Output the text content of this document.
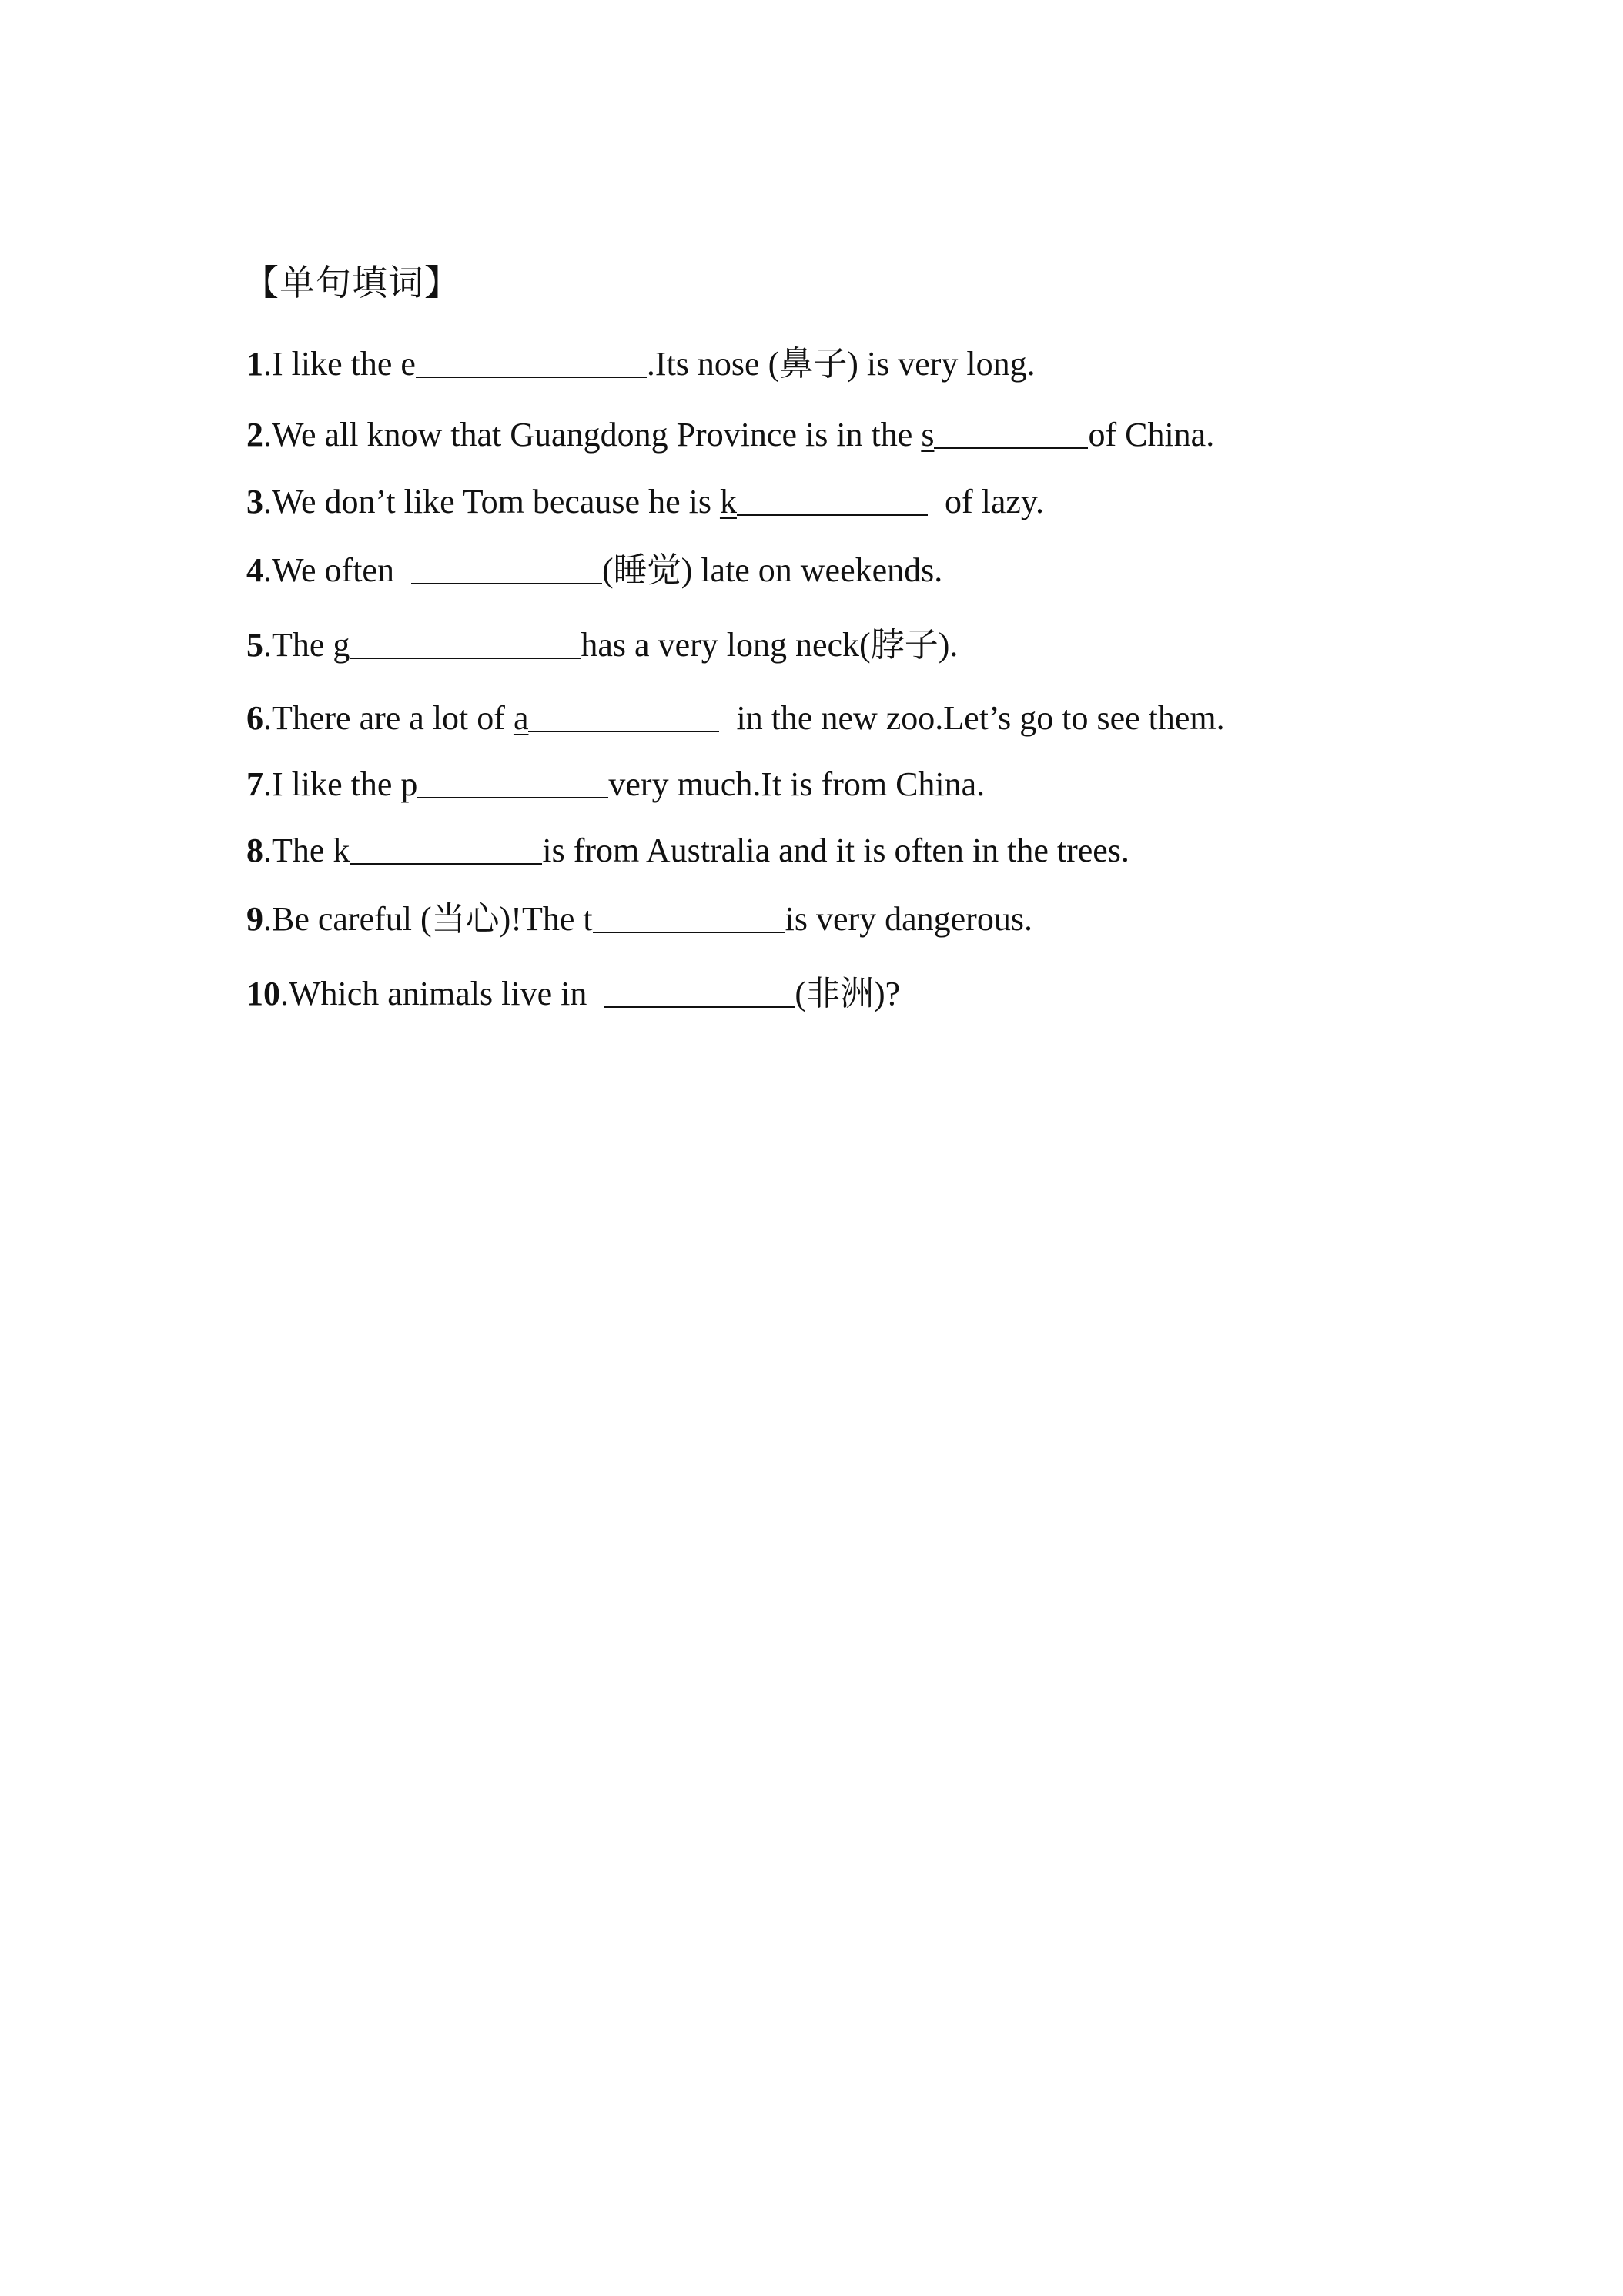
【单句填词】
1.I like the e	.Its nose (鼻子) is very long.
2.We all know that Guangdong Province is in the s	of China.
3.We don’t like Tom because he is k	of lazy.
4.We often	(睡觉) late on weekends.
5.The g	has a very long neck(脖子).
6.There are a lot of a	in the new zoo.Let’s go to see them.
7.I like the p	very much.It is from China.
8.The k	is from Australia and it is often in the trees.
9.Be careful (当心)!The t	is very dangerous.
10.Which animals live in	(非洲)?
